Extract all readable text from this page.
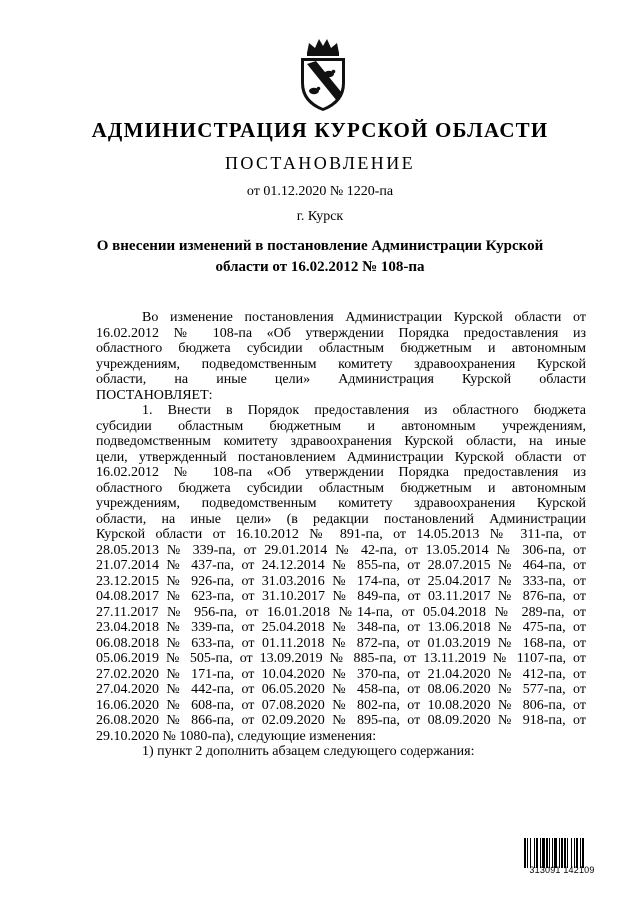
АДМИНИСТРАЦИЯ КУРСКОЙ ОБЛАСТИ
ПОСТАНОВЛЕНИЕ
от 01.12.2020 № 1220-па
г. Курск
О внесении изменений в постановление Администрации Курской
области от 16.02.2012 № 108-па

Во изменение постановления Администрации Курской области от

16.02.2012 № 108-па «Об утверждении Порядка предоставления из

областного бюджета субсидии областным бюджетным и автономным

учреждениям, подведомственным комитету здравоохранения Курской

области, на иные цели» Администрация Курской области

ПОСТАНОВЛЯЕТ:

1. Внести в Порядок предоставления из областного бюджета

субсидии областным бюджетным и автономным учреждениям,

подведомственным комитету здравоохранения Курской области, на иные

цели, утвержденный постановлением Администрации Курской области от

16.02.2012 № 108-па «Об утверждении Порядка предоставления из

областного бюджета субсидии областным бюджетным и автономным

учреждениям, подведомственным комитету здравоохранения Курской

области, на иные цели» (в редакции постановлений Администрации

Курской области от 16.10.2012 № 891-па, от 14.05.2013 № 311-па, от

28.05.2013 № 339-па, от 29.01.2014 № 42-па, от 13.05.2014 № 306-па, от

21.07.2014 № 437-па, от 24.12.2014 № 855-па, от 28.07.2015 № 464-па, от

23.12.2015 № 926-па, от 31.03.2016 № 174-па, от 25.04.2017 № 333-па, от

04.08.2017 № 623-па, от 31.10.2017 № 849-па, от 03.11.2017 № 876-па, от

27.11.2017 № 956-па, от 16.01.2018 №14-па, от 05.04.2018 № 289-па, от

23.04.2018 № 339-па, от 25.04.2018 № 348-па, от 13.06.2018 № 475-па, от

06.08.2018 № 633-па, от 01.11.2018 № 872-па, от 01.03.2019 № 168-па, от

05.06.2019 № 505-па, от 13.09.2019 № 885-па, от 13.11.2019 № 1107-па, от

27.02.2020 № 171-па, от 10.04.2020 № 370-па, от 21.04.2020 № 412-па, от

27.04.2020 № 442-па, от 06.05.2020 № 458-па, от 08.06.2020 № 577-па, от

16.06.2020 № 608-па, от 07.08.2020 № 802-па, от 10.08.2020 № 806-па, от

26.08.2020 № 866-па, от 02.09.2020 № 895-па, от 08.09.2020 № 918-па, от

29.10.2020 № 1080-па), следующие изменения:

1) пункт 2 дополнить абзацем следующего содержания:

313091 142109
